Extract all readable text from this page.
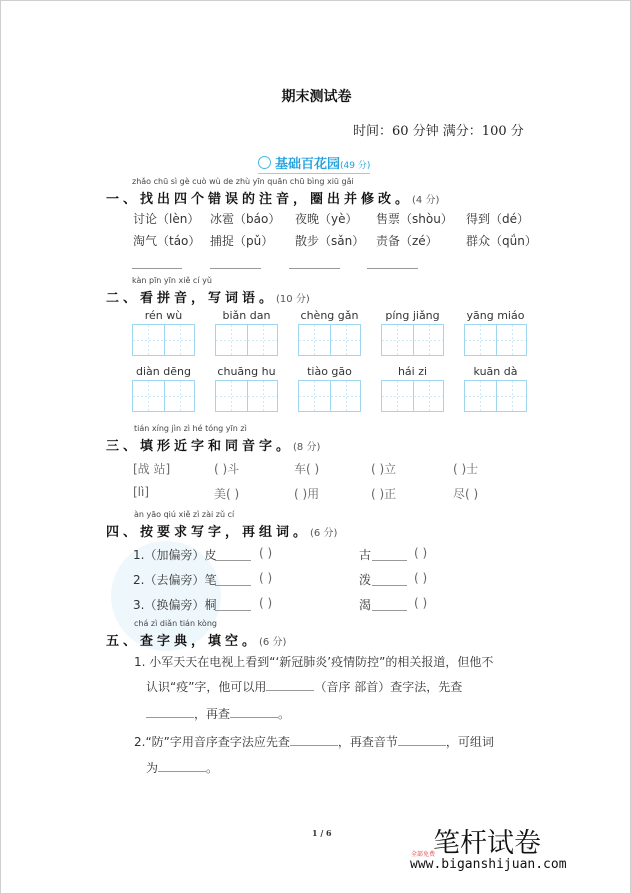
期末测试卷
时间：60 分钟 满分：100 分
基础百花园(49 分)
zhǎo chū sì gè cuò wù de zhù yīn quān chū bìng xiū gǎi
一、找出四个错误的注音，圈出并修改。(4 分)
kàn pīn yīn xiě cí yǔ
二、看拼音，写词语。(10 分)
tián xíng jìn zì hé tóng yīn zì
三、填形近字和同音字。(8 分)
àn yāo qiú xiě zì zài zǔ cí
四、按要求写字，再组词。(6 分)
chá zì diǎn tián kòng
五、查字典，填空。(6 分)
1. 小军天天在电视上看到“‘新冠肺炎’疫情防控”的相关报道，但他不
认识“疫”字，他可以用	（音序 部首）查字法，先查
，再查	。
2.“防”字用音序查字法应先查	，再查音节	，可组词
为	。
1 / 6	笔杆试卷
全部免费
www.biganshijuan.com
讨论（lèn） 冰雹（báo） 夜晚（yè） 售票（shòu） 得到（dé）
淘气（táo） 捕捉（pǔ） 散步（sǎn） 责备（zé） 群众（qǘn）
rén wù	biǎn dan	chèng gǎn	píng jiǎng	yāng miáo
diàn dēng	chuāng hu	tiào gāo	hái zi	kuān dà
[战 站]	( )斗	车( )	( )立	( )士
[lì]	美( )	( )用	( )正	尽( )
1.（加偏旁）皮	( )	古	( )
2.（去偏旁）笔	( )	泼	( )
3.（换偏旁）桐	( )	渴	( )
